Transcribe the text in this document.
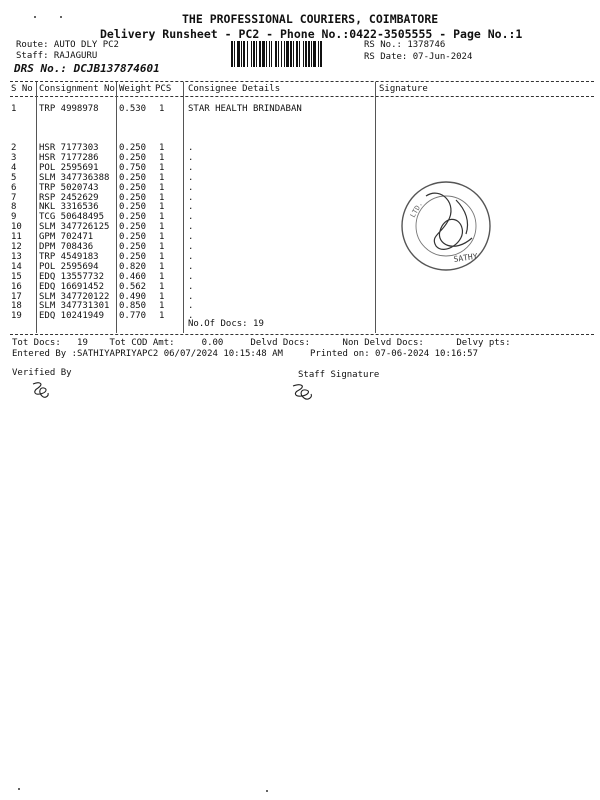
THE PROFESSIONAL COURIERS, COIMBATORE
Delivery Runsheet - PC2 - Phone No.:0422-3505555 - Page No.:1
Route: AUTO DLY PC2
Staff: RAJAGURU
DRS No.: DCJB137874601
RS No.: 1378746
RS Date: 07-Jun-2024
S No Consignment No Weight PCS Consignee Details	Signature
1	TRP 4998978 0.530 1	STAR HEALTH BRINDABAN
2	HSR 7177303 0.250 1	.
3	HSR 7177286 0.250 1	.
4	POL 2595691 0.750 1	.
5	SLM 347736388 0.250 1	.
6	TRP 5020743 0.250 1	.
7	RSP 2452629 0.250 1	.
8	NKL 3316536 0.250 1	.
9	TCG 50648495 0.250 1	.
10 SLM 347726125 0.250 1	.
11 GPM 702471	0.250 1	.
12 DPM 708436	0.250 1	.
13 TRP 4549183 0.250 1	.
14 POL 2595694 0.820 1	.
15 EDQ 13557732 0.460 1	.
16 EDQ 16691452 0.562 1	.
17 SLM 347720122 0.490 1	.
18 SLM 347731301 0.850 1	.
19 EDQ 10241949 0.770 1	.
No.Of Docs: 19
Tot Docs:   19    Tot COD Amt:     0.00     Delvd Docs:      Non Delvd Docs:      Delvy pts:
Entered By :SATHIYAPRIYAPC2 06/07/2024 10:15:48 AM     Printed on: 07-06-2024 10:16:57
Verified By	Staff Signature
LTD.
SATHY
